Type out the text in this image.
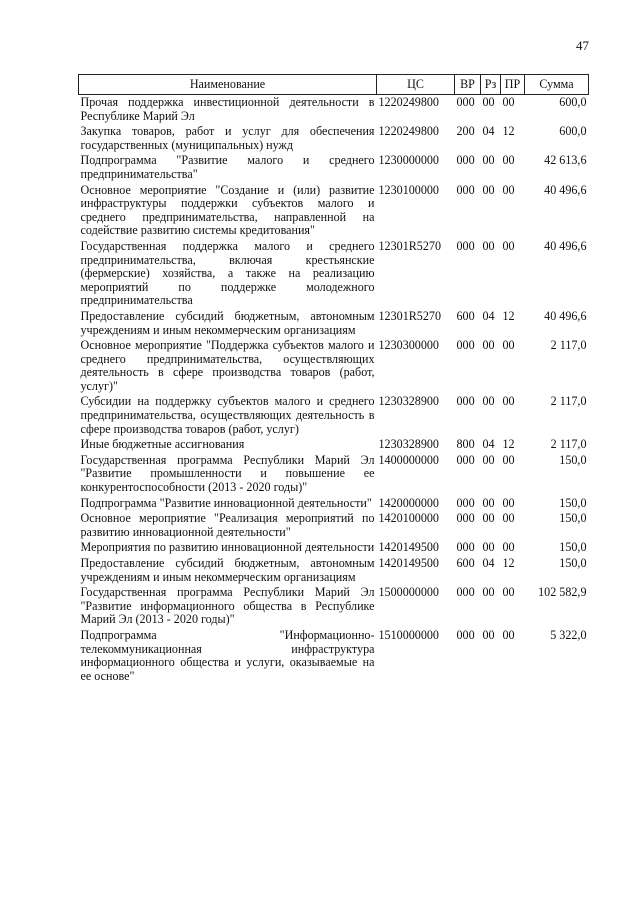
47
Наименование	ЦС	ВР	Рз	ПР	Сумма
Прочая поддержка инвестиционной деятельности в Республике Марий Эл	1220249800	000	00	00	600,0
Закупка товаров, работ и услуг для обеспечения государственных (муниципальных) нужд	1220249800	200	04	12	600,0
Подпрограмма "Развитие малого и среднего предпринимательства"	1230000000	000	00	00	42 613,6
Основное мероприятие "Создание и (или) развитие инфраструктуры поддержки субъектов малого и среднего предпринимательства, направленной на содействие развитию системы кредитования"	1230100000	000	00	00	40 496,6
Государственная поддержка малого и среднего предпринимательства, включая крестьянские (фермерские) хозяйства, а также на реализацию мероприятий по поддержке молодежного предпринимательства	12301R5270	000	00	00	40 496,6
Предоставление субсидий бюджетным, автономным учреждениям и иным некоммерческим организациям	12301R5270	600	04	12	40 496,6
Основное мероприятие "Поддержка субъектов малого и среднего предпринимательства, осуществляющих деятельность в сфере производства товаров (работ, услуг)"	1230300000	000	00	00	2 117,0
Субсидии на поддержку субъектов малого и среднего предпринимательства, осуществляющих деятельность в сфере производства товаров (работ, услуг)	1230328900	000	00	00	2 117,0
Иные бюджетные ассигнования	1230328900	800	04	12	2 117,0
Государственная программа Республики Марий Эл "Развитие промышленности и повышение ее конкурентоспособности (2013 - 2020 годы)"	1400000000	000	00	00	150,0
Подпрограмма "Развитие инновационной деятельности"	1420000000	000	00	00	150,0
Основное мероприятие "Реализация мероприятий по развитию инновационной деятельности"	1420100000	000	00	00	150,0
Мероприятия по развитию инновационной деятельности	1420149500	000	00	00	150,0
Предоставление субсидий бюджетным, автономным учреждениям и иным некоммерческим организациям	1420149500	600	04	12	150,0
Государственная программа Республики Марий Эл "Развитие информационного общества в Республике Марий Эл (2013 - 2020 годы)"	1500000000	000	00	00	102 582,9
Подпрограмма "Информационно-телекоммуникационная инфраструктура информационного общества и услуги, оказываемые на ее основе"	1510000000	000	00	00	5 322,0
